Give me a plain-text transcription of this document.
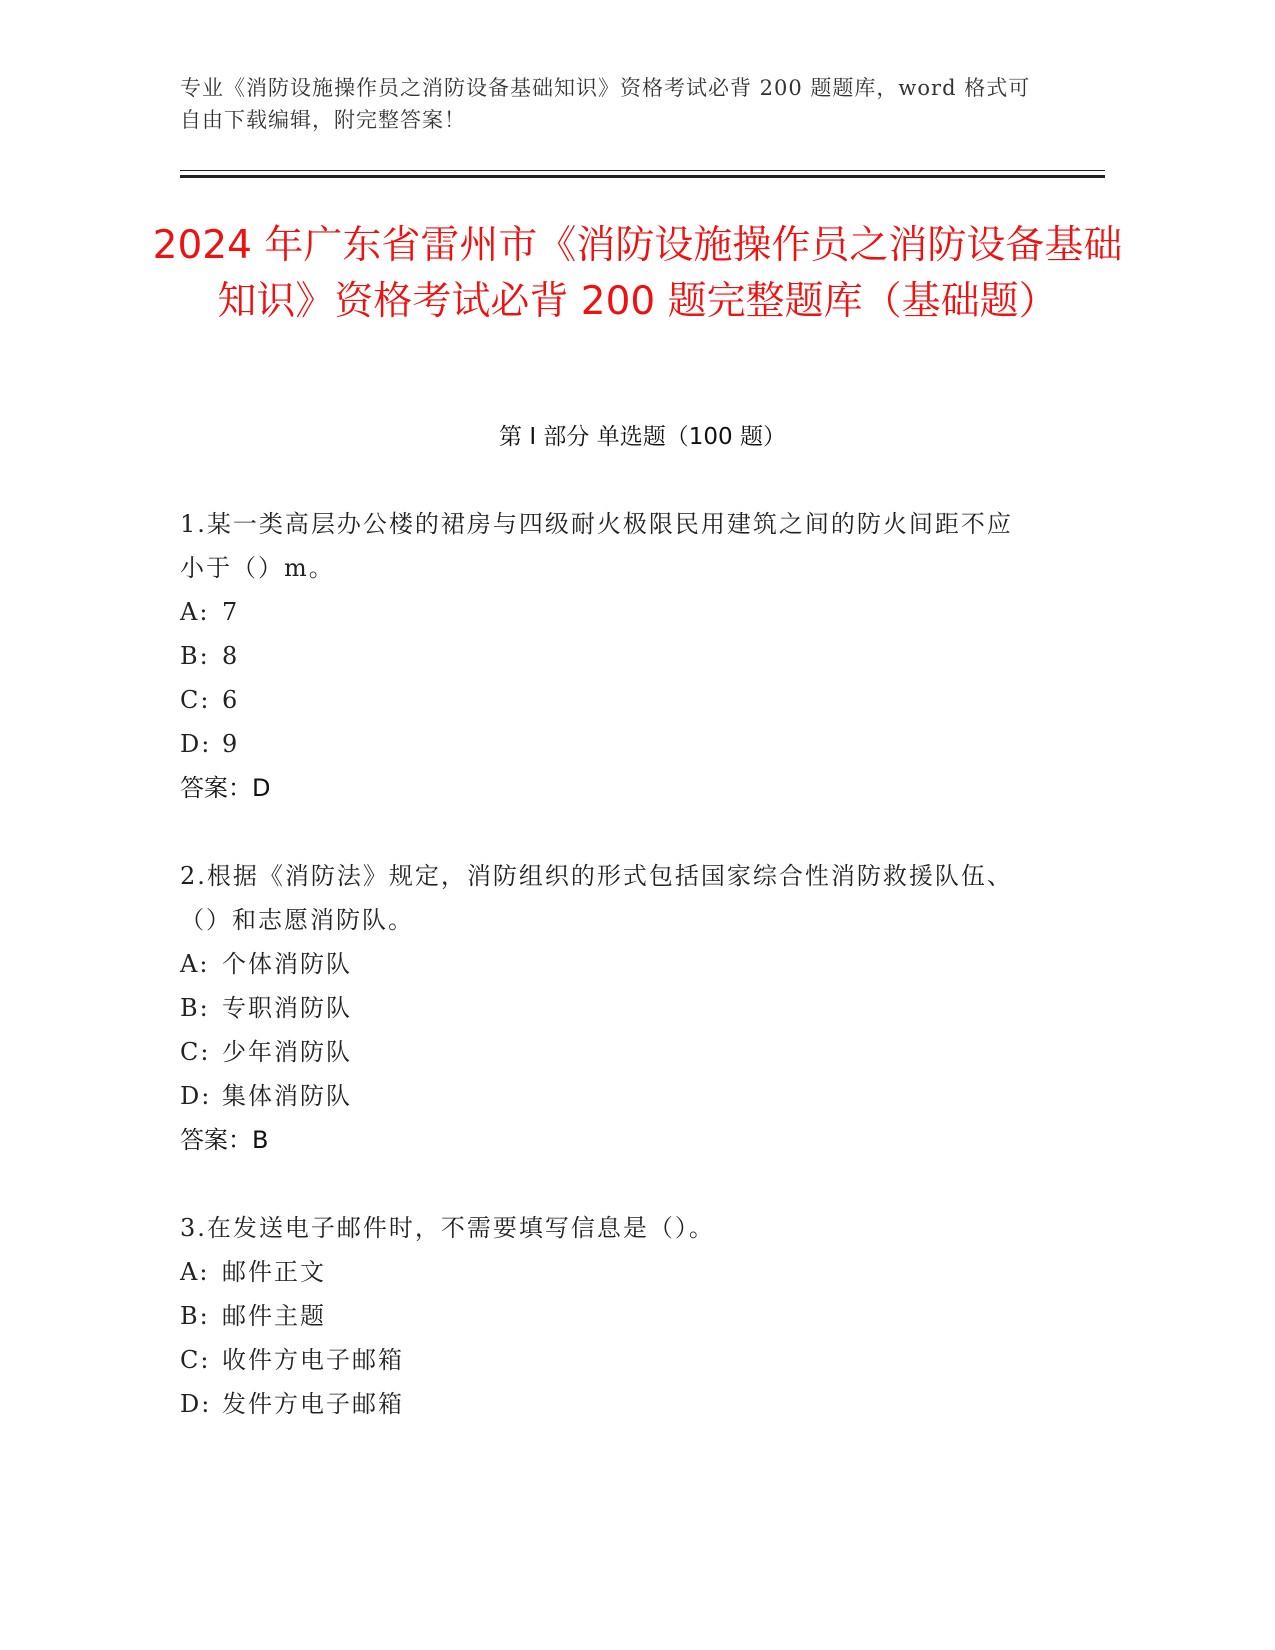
专业《消防设施操作员之消防设备基础知识》资格考试必背 200 题题库，word 格式可自由下载编辑，附完整答案！
2024 年广东省雷州市《消防设施操作员之消防设备基础知识》资格考试必背 200 题完整题库（基础题）
第 I 部分 单选题（100 题）
1.某一类高层办公楼的裙房与四级耐火极限民用建筑之间的防火间距不应小于（）m。
A: 7
B: 8
C: 6
D: 9
答案：D
2.根据《消防法》规定，消防组织的形式包括国家综合性消防救援队伍、（）和志愿消防队。
A: 个体消防队
B: 专职消防队
C: 少年消防队
D: 集体消防队
答案：B
3.在发送电子邮件时，不需要填写信息是（）。
A: 邮件正文
B: 邮件主题
C: 收件方电子邮箱
D: 发件方电子邮箱
